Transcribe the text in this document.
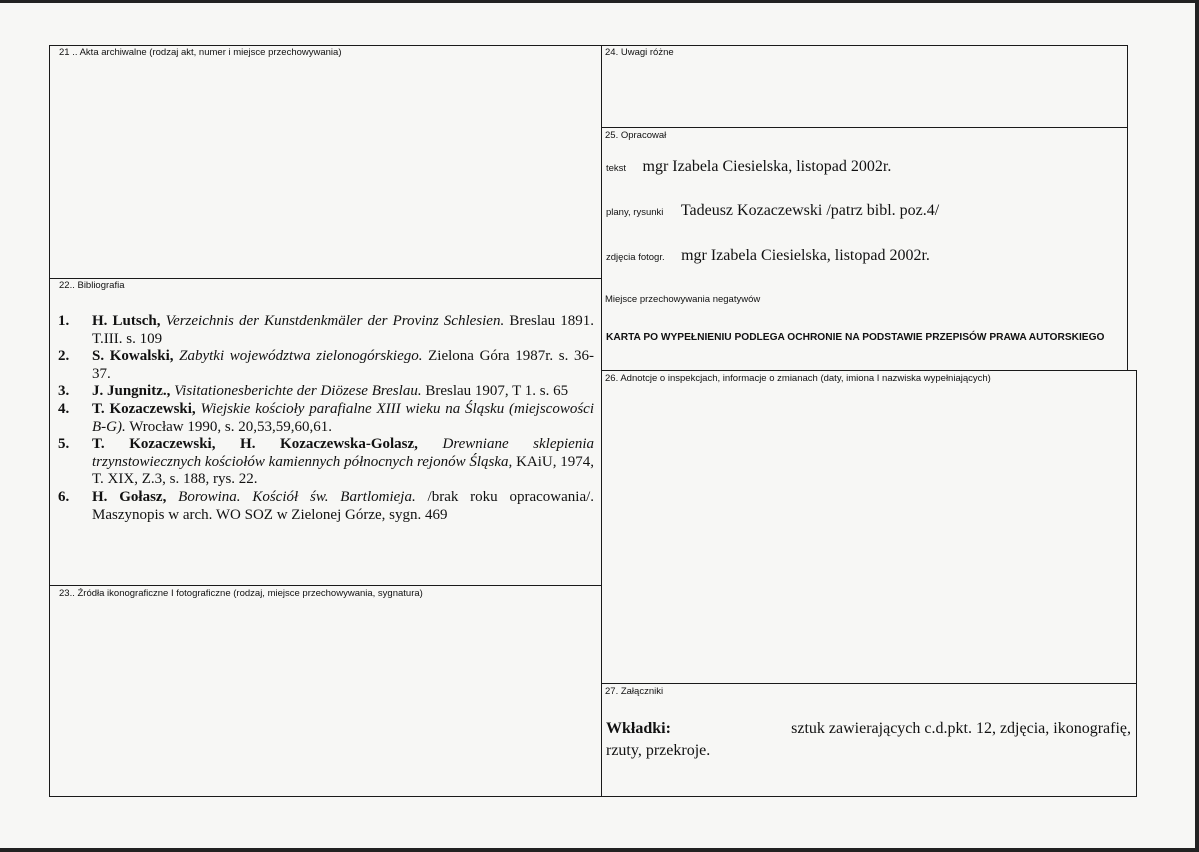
21 .. Akta archiwalne (rodzaj akt, numer i miejsce przechowywania)
22.. Bibliografia
1. H. Lutsch, Verzeichnis der Kunstdenkmäler der Provinz Schlesien. Breslau 1891. T.III. s. 109
2. S. Kowalski, Zabytki województwa zielonogórskiego. Zielona Góra 1987r. s. 36-37.
3. J. Jungnitz., Visitationesberichte der Diözese Breslau. Breslau 1907, T 1. s. 65
4. T. Kozaczewski, Wiejskie kościoły parafialne XIII wieku na Śląsku (miejscowości B-G). Wrocław 1990, s. 20,53,59,60,61.
5. T. Kozaczewski, H. Kozaczewska-Golasz, Drewniane sklepienia trzynstowiecznych kościołów kamiennych północnych rejonów Śląska, KAiU, 1974, T. XIX, Z.3, s. 188, rys. 22.
6. H. Gołasz, Borowina. Kościół św. Bartlomieja. /brak roku opracowania/. Maszynopis w arch. WO SOZ w Zielonej Górze, sygn. 469
23.. Źródła ikonograficzne I fotograficzne (rodzaj, miejsce przechowywania, sygnatura)
24. Uwagi różne
25. Opracował
tekst mgr Izabela Ciesielska, listopad 2002r.
plany, rysunki Tadeusz Kozaczewski /patrz bibl. poz.4/
zdjęcia fotogr. mgr Izabela Ciesielska, listopad 2002r.
Miejsce przechowywania negatywów
KARTA PO WYPEŁNIENIU PODLEGA OCHRONIE NA PODSTAWIE PRZEPISÓW PRAWA AUTORSKIEGO
26. Adnotcje o inspekcjach, informacje o zmianach (daty, imiona I nazwiska wypełniających)
27. Załączniki
Wkładki:	sztuk zawierających c.d.pkt. 12, zdjęcia, ikonografię,
rzuty, przekroje.
